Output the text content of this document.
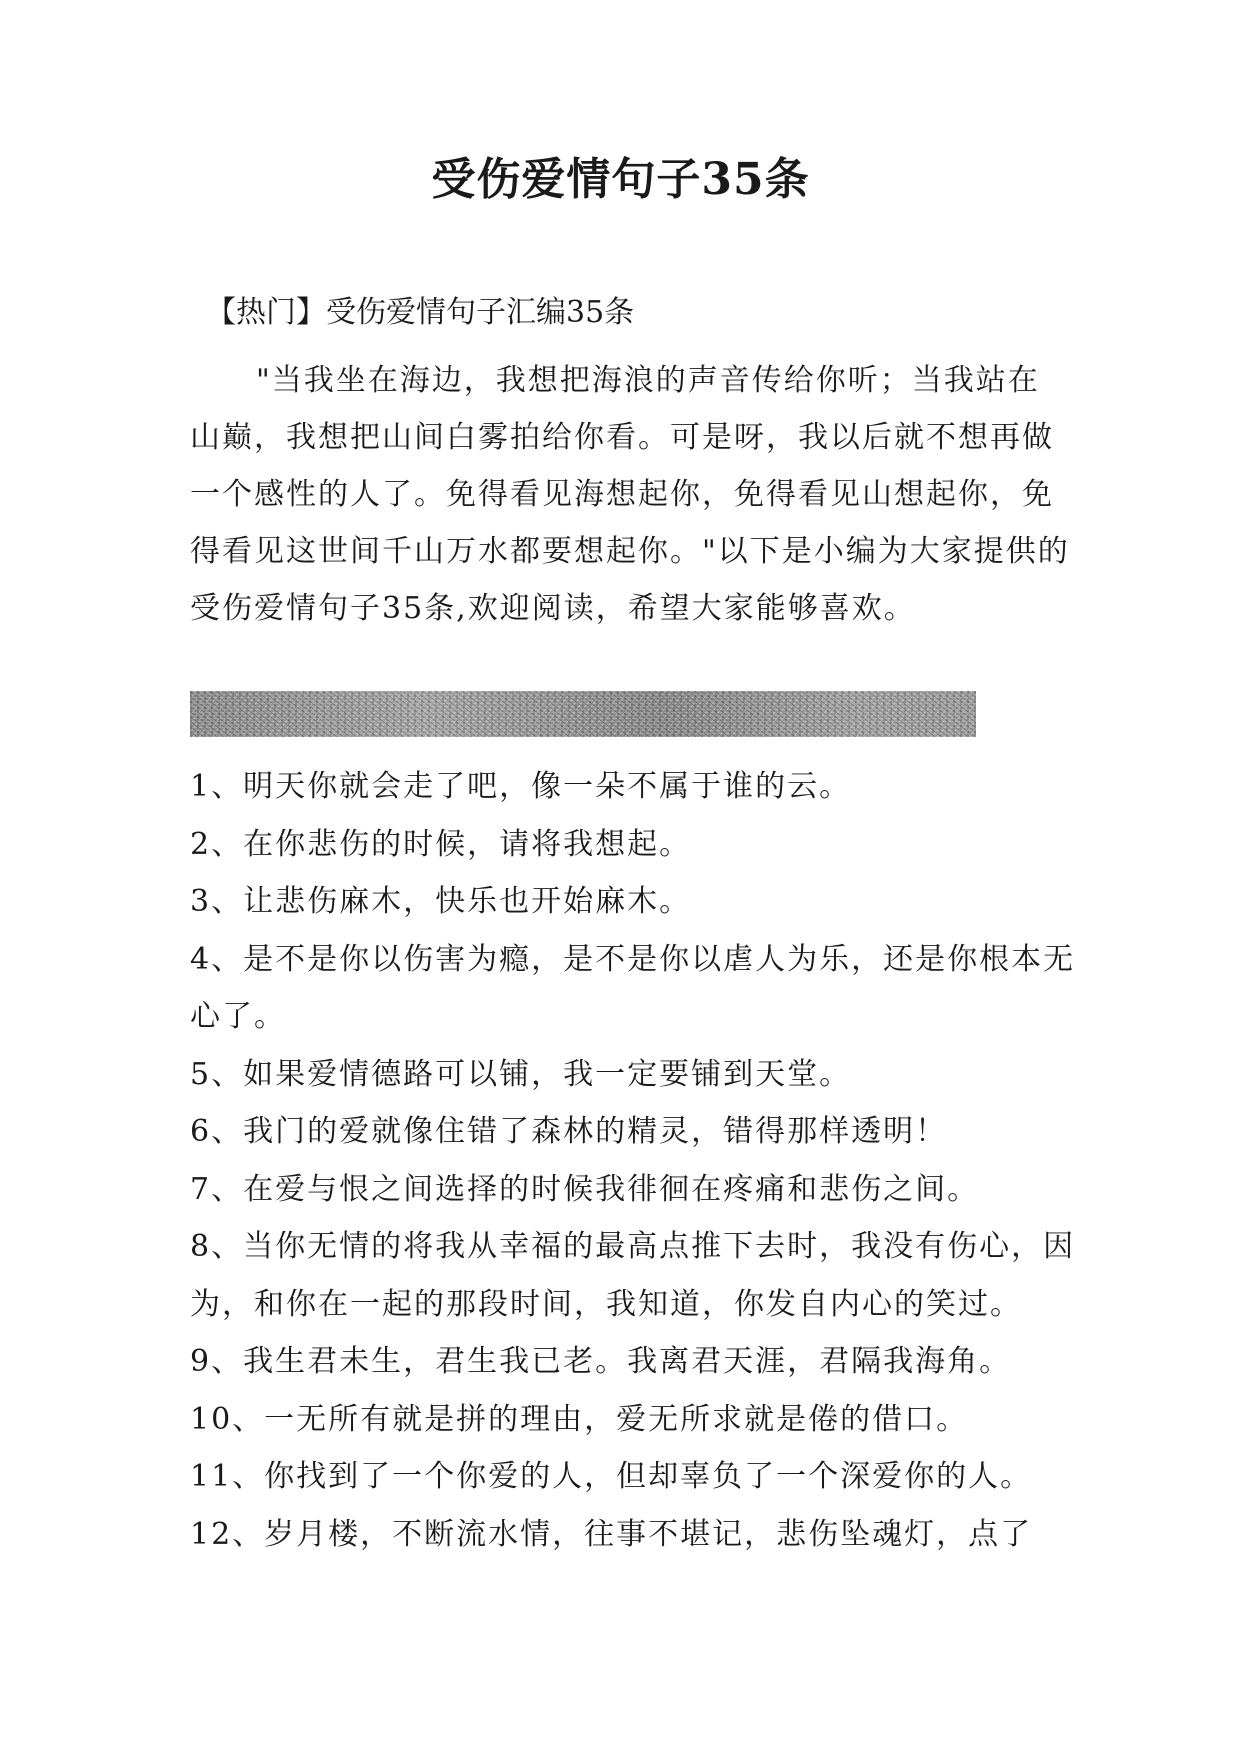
受伤爱情句子35条

【热门】受伤爱情句子汇编35条

"当我坐在海边，我想把海浪的声音传给你听；当我站在山巅，我想把山间白雾拍给你看。可是呀，我以后就不想再做一个感性的人了。免得看见海想起你，免得看见山想起你，免得看见这世间千山万水都要想起你。"以下是小编为大家提供的受伤爱情句子35条,欢迎阅读，希望大家能够喜欢。

1、明天你就会走了吧，像一朵不属于谁的云。
2、在你悲伤的时候，请将我想起。
3、让悲伤麻木，快乐也开始麻木。
4、是不是你以伤害为瘾，是不是你以虐人为乐，还是你根本无心了。
5、如果爱情德路可以铺，我一定要铺到天堂。
6、我门的爱就像住错了森林的精灵，错得那样透明！
7、在爱与恨之间选择的时候我徘徊在疼痛和悲伤之间。
8、当你无情的将我从幸福的最高点推下去时，我没有伤心，因为，和你在一起的那段时间，我知道，你发自内心的笑过。
9、我生君未生，君生我已老。我离君天涯，君隔我海角。
10、一无所有就是拼的理由，爱无所求就是倦的借口。
11、你找到了一个你爱的人，但却辜负了一个深爱你的人。
12、岁月楼，不断流水情，往事不堪记，悲伤坠魂灯，点了
